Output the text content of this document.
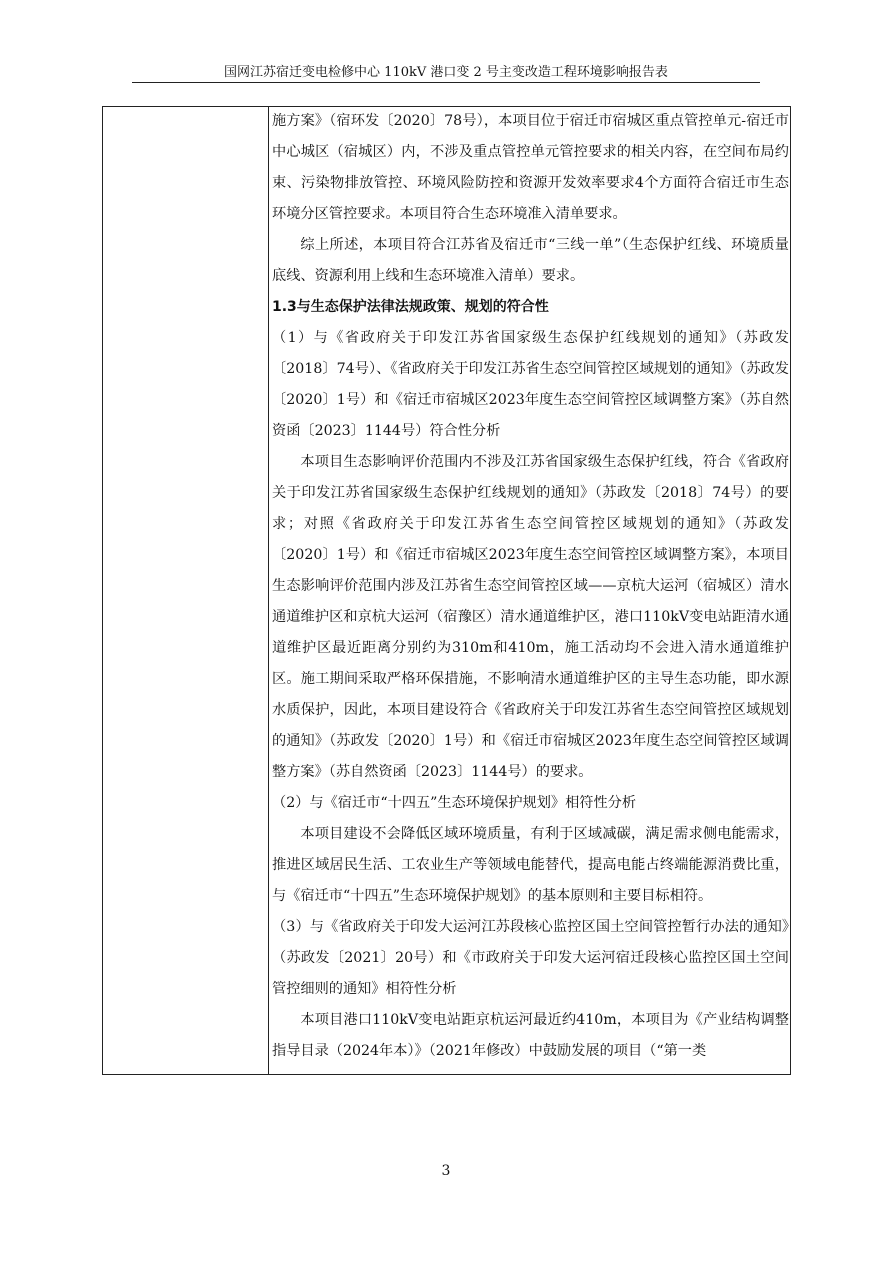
国网江苏宿迁变电检修中心 110kV 港口变 2 号主变改造工程环境影响报告表

施方案》（宿环发〔2020〕78号），本项目位于宿迁市宿城区重点管控单元-宿迁市中心城区（宿城区）内，不涉及重点管控单元管控要求的相关内容，在空间布局约束、污染物排放管控、环境风险防控和资源开发效率要求4个方面符合宿迁市生态环境分区管控要求。本项目符合生态环境准入清单要求。

综上所述，本项目符合江苏省及宿迁市“三线一单”（生态保护红线、环境质量底线、资源利用上线和生态环境准入清单）要求。

1.3与生态保护法律法规政策、规划的符合性

（1）与《省政府关于印发江苏省国家级生态保护红线规划的通知》（苏政发〔2018〕74号）、《省政府关于印发江苏省生态空间管控区域规划的通知》（苏政发〔2020〕1号）和《宿迁市宿城区2023年度生态空间管控区域调整方案》（苏自然资函〔2023〕1144号）符合性分析

本项目生态影响评价范围内不涉及江苏省国家级生态保护红线，符合《省政府关于印发江苏省国家级生态保护红线规划的通知》（苏政发〔2018〕74号）的要求；对照《省政府关于印发江苏省生态空间管控区域规划的通知》（苏政发〔2020〕1号）和《宿迁市宿城区2023年度生态空间管控区域调整方案》，本项目生态影响评价范围内涉及江苏省生态空间管控区域——京杭大运河（宿城区）清水通道维护区和京杭大运河（宿豫区）清水通道维护区，港口110kV变电站距清水通道维护区最近距离分别约为310m和410m，施工活动均不会进入清水通道维护区。施工期间采取严格环保措施，不影响清水通道维护区的主导生态功能，即水源水质保护，因此，本项目建设符合《省政府关于印发江苏省生态空间管控区域规划的通知》（苏政发〔2020〕1号）和《宿迁市宿城区2023年度生态空间管控区域调整方案》（苏自然资函〔2023〕1144号）的要求。

（2）与《宿迁市“十四五”生态环境保护规划》相符性分析

本项目建设不会降低区域环境质量，有利于区域减碳，满足需求侧电能需求，推进区域居民生活、工农业生产等领域电能替代，提高电能占终端能源消费比重，与《宿迁市“十四五”生态环境保护规划》的基本原则和主要目标相符。

（3）与《省政府关于印发大运河江苏段核心监控区国土空间管控暂行办法的通知》（苏政发〔2021〕20号）和《市政府关于印发大运河宿迁段核心监控区国土空间管控细则的通知》相符性分析

本项目港口110kV变电站距京杭运河最近约410m，本项目为《产业结构调整指导目录（2024年本）》（2021年修改）中鼓励发展的项目（“第一类

3
